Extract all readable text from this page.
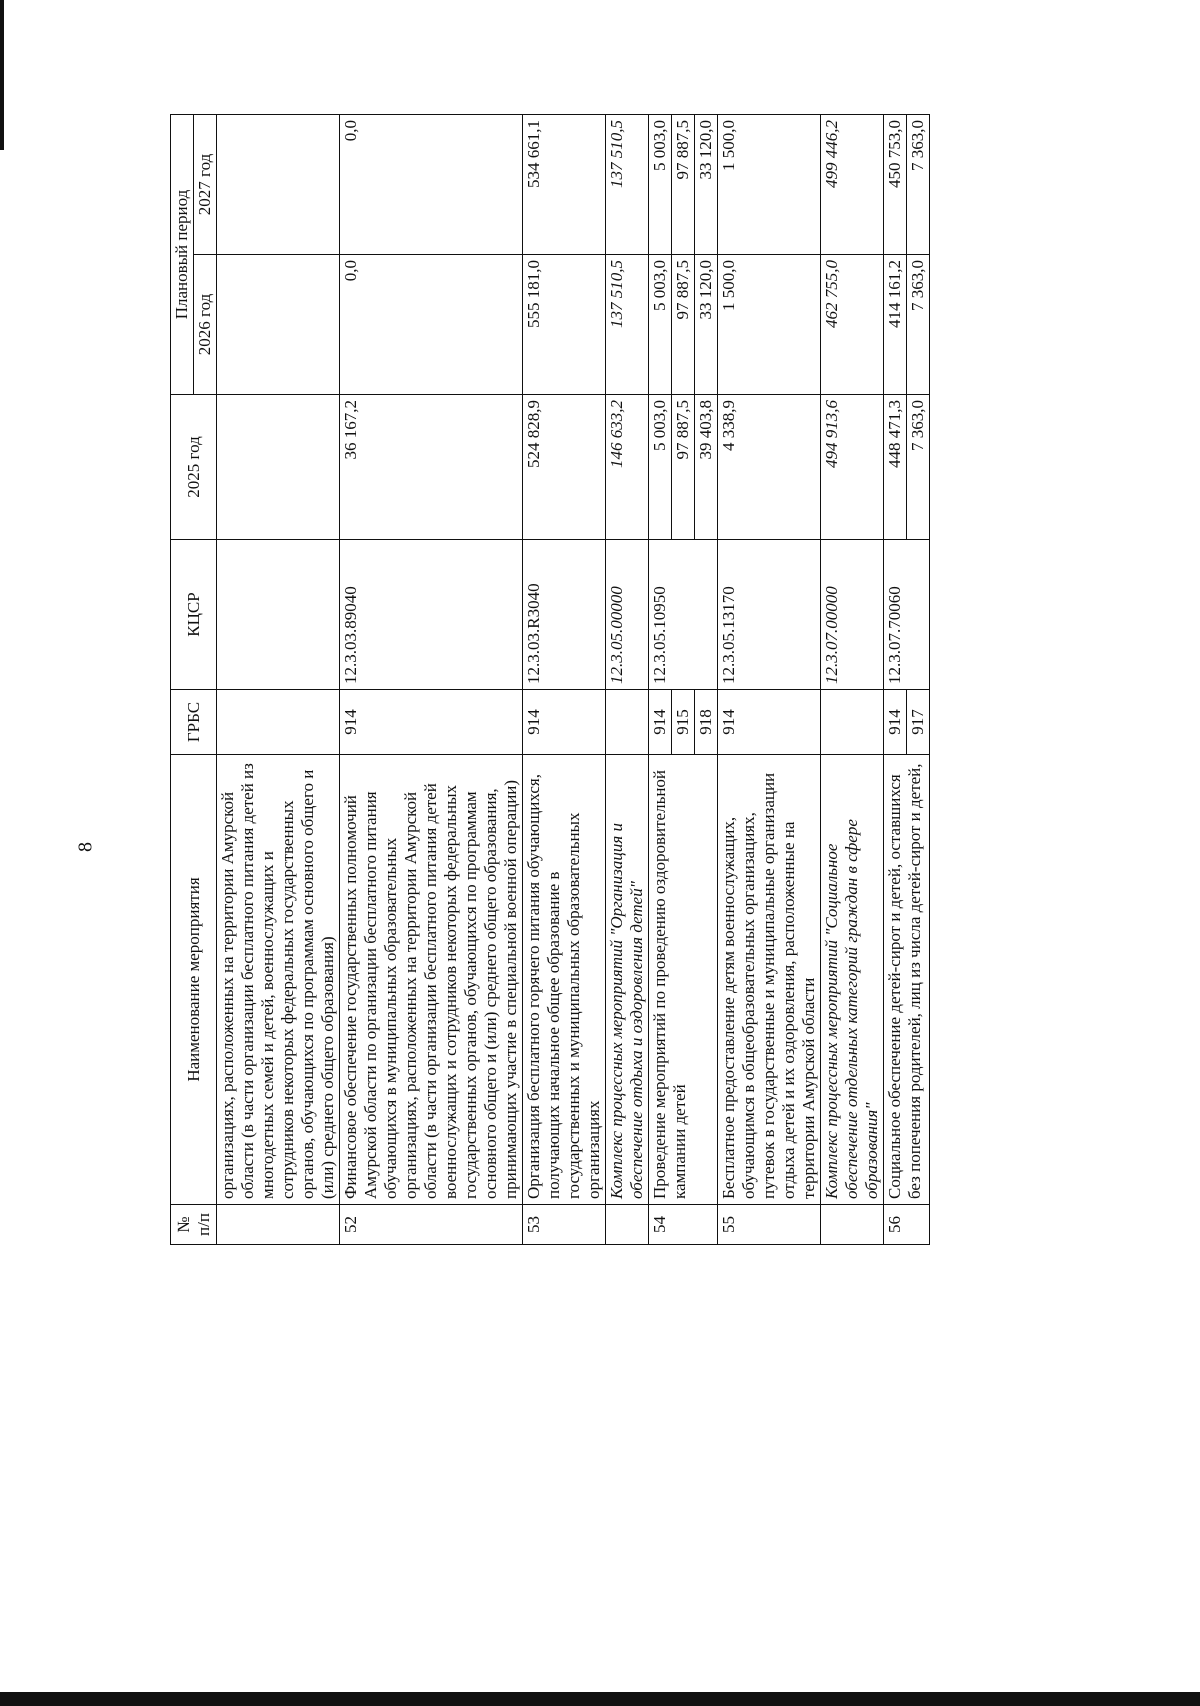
8
№ п/п	Наименование мероприятия	ГРБС	КЦСР	2025 год	Плановый период	
					2026 год	2027 год
	организациях, расположенных на территории Амурской области (в части организации бесплатного питания детей из многодетных семей и детей, военнослужащих и сотрудников некоторых федеральных государственных органов, обучающихся по программам основного общего и (или) среднего общего образования)					
52	Финансовое обеспечение государственных полномочий Амурской области по организации бесплатного питания обучающихся в муниципальных образовательных организациях, расположенных на территории Амурской области (в части организации бесплатного питания детей военнослужащих и сотрудников некоторых федеральных государственных органов, обучающихся по программам основного общего и (или) среднего общего образования, принимающих участие в специальной военной операции)	914	12.3.03.89040	36 167,2	0,0	0,0
53	Организация бесплатного горячего питания обучающихся, получающих начальное общее образование в государственных и муниципальных образовательных организациях	914	12.3.03.R3040	524 828,9	555 181,0	534 661,1
	Комплекс процессных мероприятий "Организация и обеспечение отдыха и оздоровления детей"		12.3.05.00000	146 633,2	137 510,5	137 510,5
54	Проведение мероприятий по проведению оздоровительной кампании детей	914	12.3.05.10950	5 003,0	5 003,0	5 003,0
		915		97 887,5	97 887,5	97 887,5
		918		39 403,8	33 120,0	33 120,0
55	Бесплатное предоставление детям военнослужащих, обучающимся в общеобразовательных организациях, путевок в государственные и муниципальные организации отдыха детей и их оздоровления, расположенные на территории Амурской области	914	12.3.05.13170	4 338,9	1 500,0	1 500,0
	Комплекс процессных мероприятий "Социальное обеспечение отдельных категорий граждан в сфере образования"		12.3.07.00000	494 913,6	462 755,0	499 446,2
56	Социальное обеспечение детей-сирот и детей, оставшихся без попечения родителей, лиц из числа детей-сирот и детей,	914	12.3.07.70060	448 471,3	414 161,2	450 753,0
		917		7 363,0	7 363,0	7 363,0
